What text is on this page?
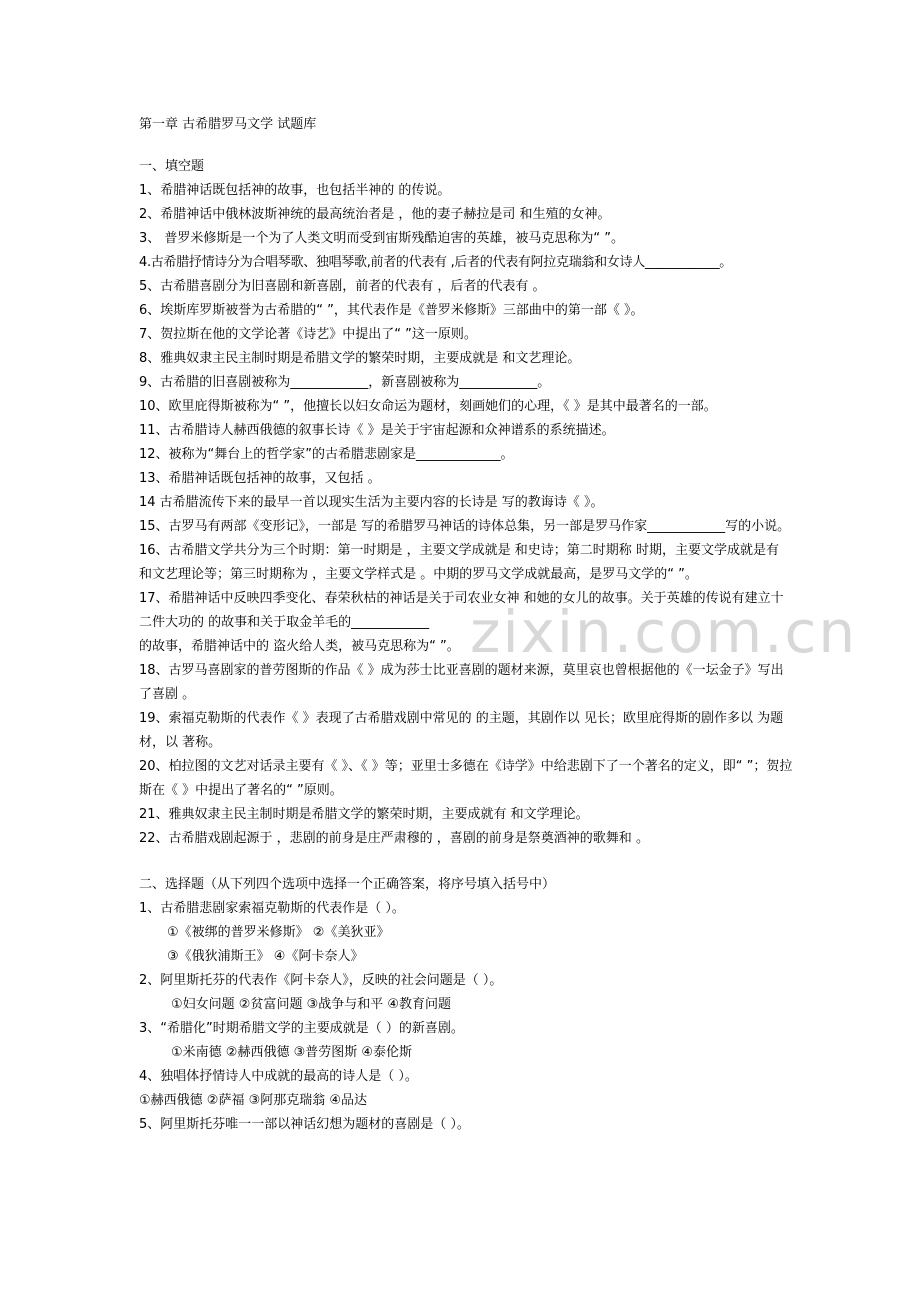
zixin.com.cn
第一章 古希腊罗马文学 试题库
一、填空题
1、希腊神话既包括神的故事，也包括半神的 的传说。
2、希腊神话中俄林波斯神统的最高统治者是 ，他的妻子赫拉是司 和生殖的女神。
3、 普罗米修斯是一个为了人类文明而受到宙斯残酷迫害的英雄，被马克思称为“ ”。
4.古希腊抒情诗分为合唱琴歌、独唱琴歌,前者的代表有 ,后者的代表有阿拉克瑞翁和女诗人____________。
5、古希腊喜剧分为旧喜剧和新喜剧，前者的代表有 ，后者的代表有 。
6、埃斯库罗斯被誉为古希腊的“ ”，其代表作是《普罗米修斯》三部曲中的第一部《 》。
7、贺拉斯在他的文学论著《诗艺》中提出了“ ”这一原则。
8、雅典奴隶主民主制时期是希腊文学的繁荣时期，主要成就是 和文艺理论。
9、古希腊的旧喜剧被称为____________，新喜剧被称为____________。
10、欧里庇得斯被称为“ ”，他擅长以妇女命运为题材，刻画她们的心理，《 》是其中最著名的一部。
11、古希腊诗人赫西俄德的叙事长诗《 》是关于宇宙起源和众神谱系的系统描述。
12、被称为“舞台上的哲学家”的古希腊悲剧家是_____________。
13、希腊神话既包括神的故事，又包括 。
14 古希腊流传下来的最早一首以现实生活为主要内容的长诗是 写的教诲诗《 》。
15、古罗马有两部《变形记》，一部是 写的希腊罗马神话的诗体总集，另一部是罗马作家____________写的小说。
16、古希腊文学共分为三个时期：第一时期是 ，主要文学成就是 和史诗；第二时期称 时期，主要文学成就是有 和文艺理论等；第三时期称为 ，主要文学样式是 。中期的罗马文学成就最高，是罗马文学的“ ”。
17、希腊神话中反映四季变化、春荣秋枯的神话是关于司农业女神 和她的女儿的故事。关于英雄的传说有建立十二件大功的 的故事和关于取金羊毛的____________
的故事，希腊神话中的 盗火给人类，被马克思称为“ ”。
18、古罗马喜剧家的普劳图斯的作品《 》成为莎士比亚喜剧的题材来源，莫里哀也曾根据他的《一坛金子》写出了喜剧 。
19、索福克勒斯的代表作《 》表现了古希腊戏剧中常见的 的主题，其剧作以 见长；欧里庇得斯的剧作多以 为题材，以 著称。
20、柏拉图的文艺对话录主要有《 》、《 》等；亚里士多德在《诗学》中给悲剧下了一个著名的定义，即“ ”；贺拉斯在《 》中提出了著名的“ ”原则。
21、雅典奴隶主民主制时期是希腊文学的繁荣时期，主要成就有 和文学理论。
22、古希腊戏剧起源于 ，悲剧的前身是庄严肃穆的 ，喜剧的前身是祭奠酒神的歌舞和 。
二、选择题（从下列四个选项中选择一个正确答案，将序号填入括号中）
1、古希腊悲剧家索福克勒斯的代表作是（ ）。
①《被绑的普罗米修斯》 ②《美狄亚》
③《俄狄浦斯王》 ④《阿卡奈人》
2、阿里斯托芬的代表作《阿卡奈人》，反映的社会问题是（ ）。
①妇女问题 ②贫富问题 ③战争与和平 ④教育问题
3、“希腊化”时期希腊文学的主要成就是（ ）的新喜剧。
①米南德 ②赫西俄德 ③普劳图斯 ④泰伦斯
4、独唱体抒情诗人中成就的最高的诗人是（ ）。
①赫西俄德 ②萨福 ③阿那克瑞翁 ④品达
5、阿里斯托芬唯一一部以神话幻想为题材的喜剧是（ ）。
